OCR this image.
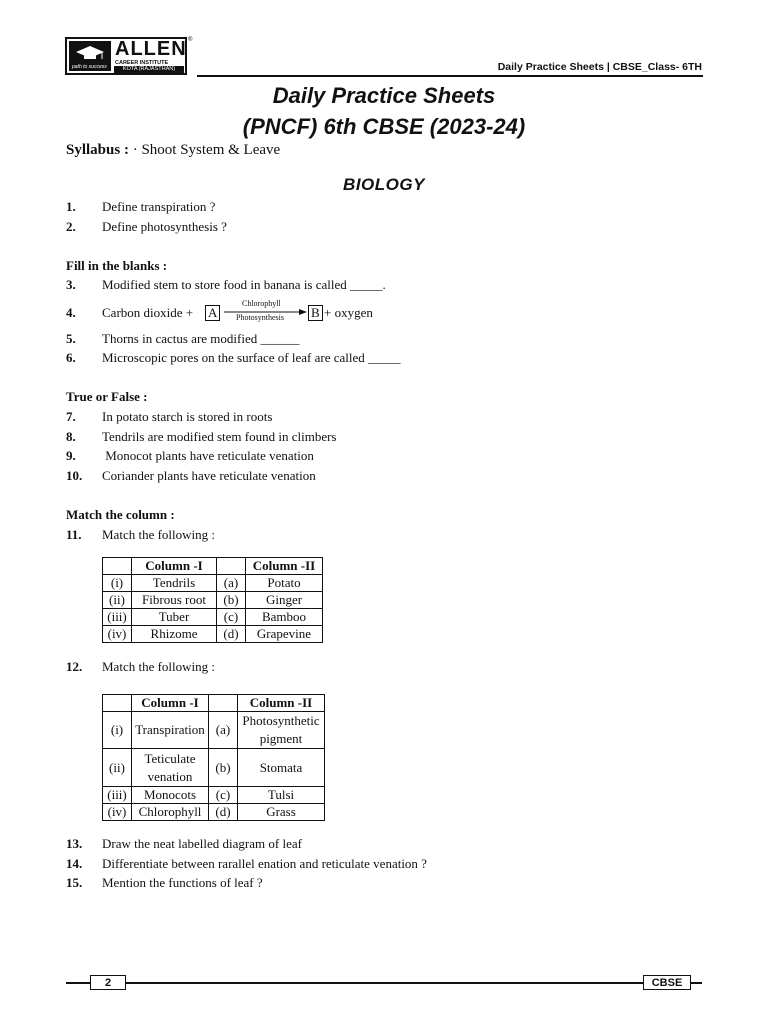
path to success
ALLEN
CAREER INSTITUTE
KOTA (RAJASTHAN)
®
Daily Practice Sheets | CBSE_Class- 6TH
Daily Practice Sheets
(PNCF) 6th CBSE (2023-24)
Syllabus : · Shoot System & Leave
BIOLOGY
1.	Define transpiration ?
2.	Define photosynthesis ?
Fill in the blanks :
3.	Modified stem to store food in banana is called _____.
4.	Carbon dioxide + A
Chlorophyll
Photosynthesis B + oxygen
5.	Thorns in cactus are modified ______
6.	Microscopic pores on the surface of leaf are called _____
True or False :
7.	In potato starch is stored in roots
8.	Tendrils are modified stem found in climbers
9.	Monocot plants have reticulate venation
10.	Coriander plants have reticulate venation
Match the column :
11.	Match the following :
	Column -I		Column -II
(i)	Tendrils	(a)	Potato
(ii)	Fibrous root	(b)	Ginger
(iii)	Tuber	(c)	Bamboo
(iv)	Rhizome	(d)	Grapevine
12.	Match the following :
	Column -I		Column -II
(i)	Transpiration	(a)	Photosynthetic pigment
(ii)	Teticulate venation	(b)	Stomata
(iii)	Monocots	(c)	Tulsi
(iv)	Chlorophyll	(d)	Grass
13.	Draw the neat labelled diagram of leaf
14.	Differentiate between rarallel enation and reticulate venation ?
15.	Mention the functions of leaf ?
2	CBSE
